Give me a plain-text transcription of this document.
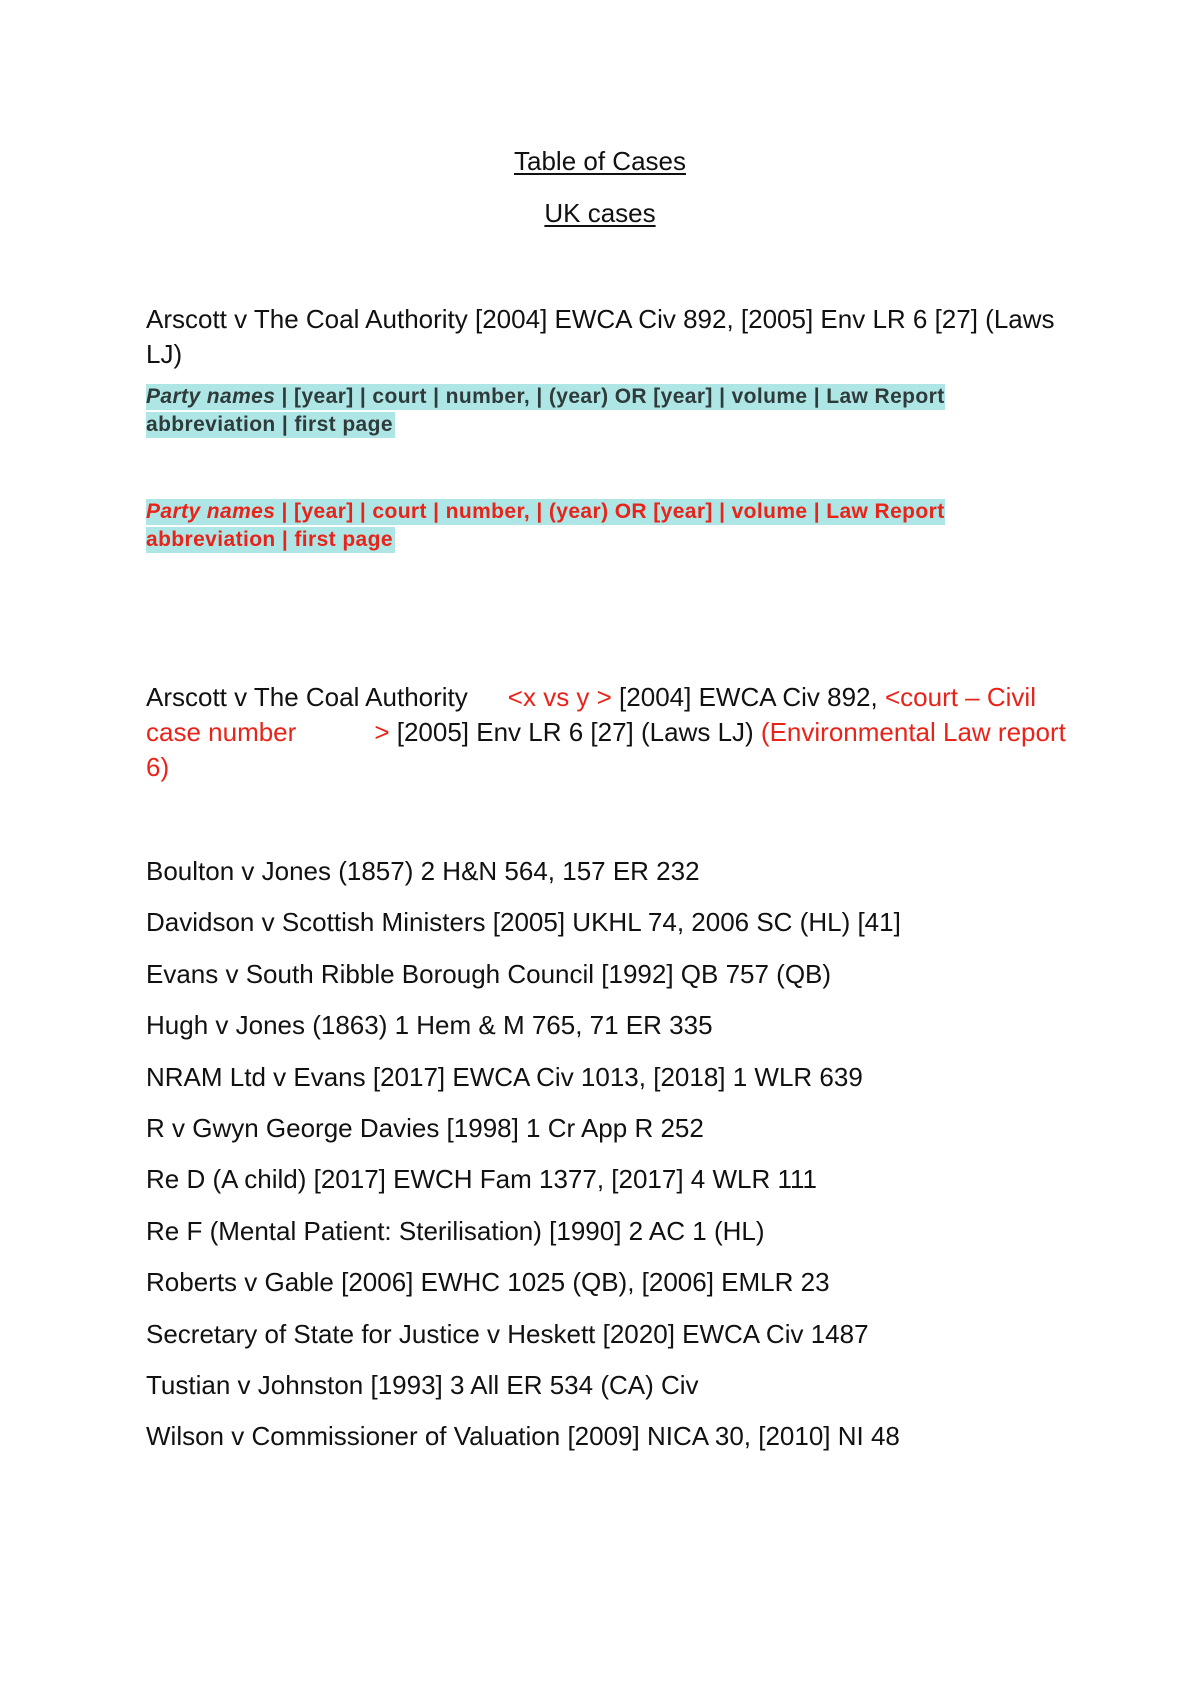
Table of Cases
UK cases
Arscott v The Coal Authority [2004] EWCA Civ 892, [2005] Env LR 6 [27] (Laws LJ)
Party names | [year] | court | number, | (year) OR [year] | volume | Law Report abbreviation | first page
Party names | [year] | court | number, | (year) OR [year] | volume | Law Report abbreviation | first page
Arscott v The Coal Authority <x vs y > [2004] EWCA Civ 892, <court – Civil case number	> [2005] Env LR 6 [27] (Laws LJ) (Environmental Law report 6)
Boulton v Jones (1857) 2 H&N 564, 157 ER 232
Davidson v Scottish Ministers [2005] UKHL 74, 2006 SC (HL) [41]
Evans v South Ribble Borough Council [1992] QB 757 (QB)
Hugh v Jones (1863) 1 Hem & M 765, 71 ER 335
NRAM Ltd v Evans [2017] EWCA Civ 1013, [2018] 1 WLR 639
R v Gwyn George Davies [1998] 1 Cr App R 252
Re D (A child) [2017] EWCH Fam 1377, [2017] 4 WLR 111
Re F (Mental Patient: Sterilisation) [1990] 2 AC 1 (HL)
Roberts v Gable [2006] EWHC 1025 (QB), [2006] EMLR 23
Secretary of State for Justice v Heskett [2020] EWCA Civ 1487
Tustian v Johnston [1993] 3 All ER 534 (CA) Civ
Wilson v Commissioner of Valuation [2009] NICA 30, [2010] NI 48
